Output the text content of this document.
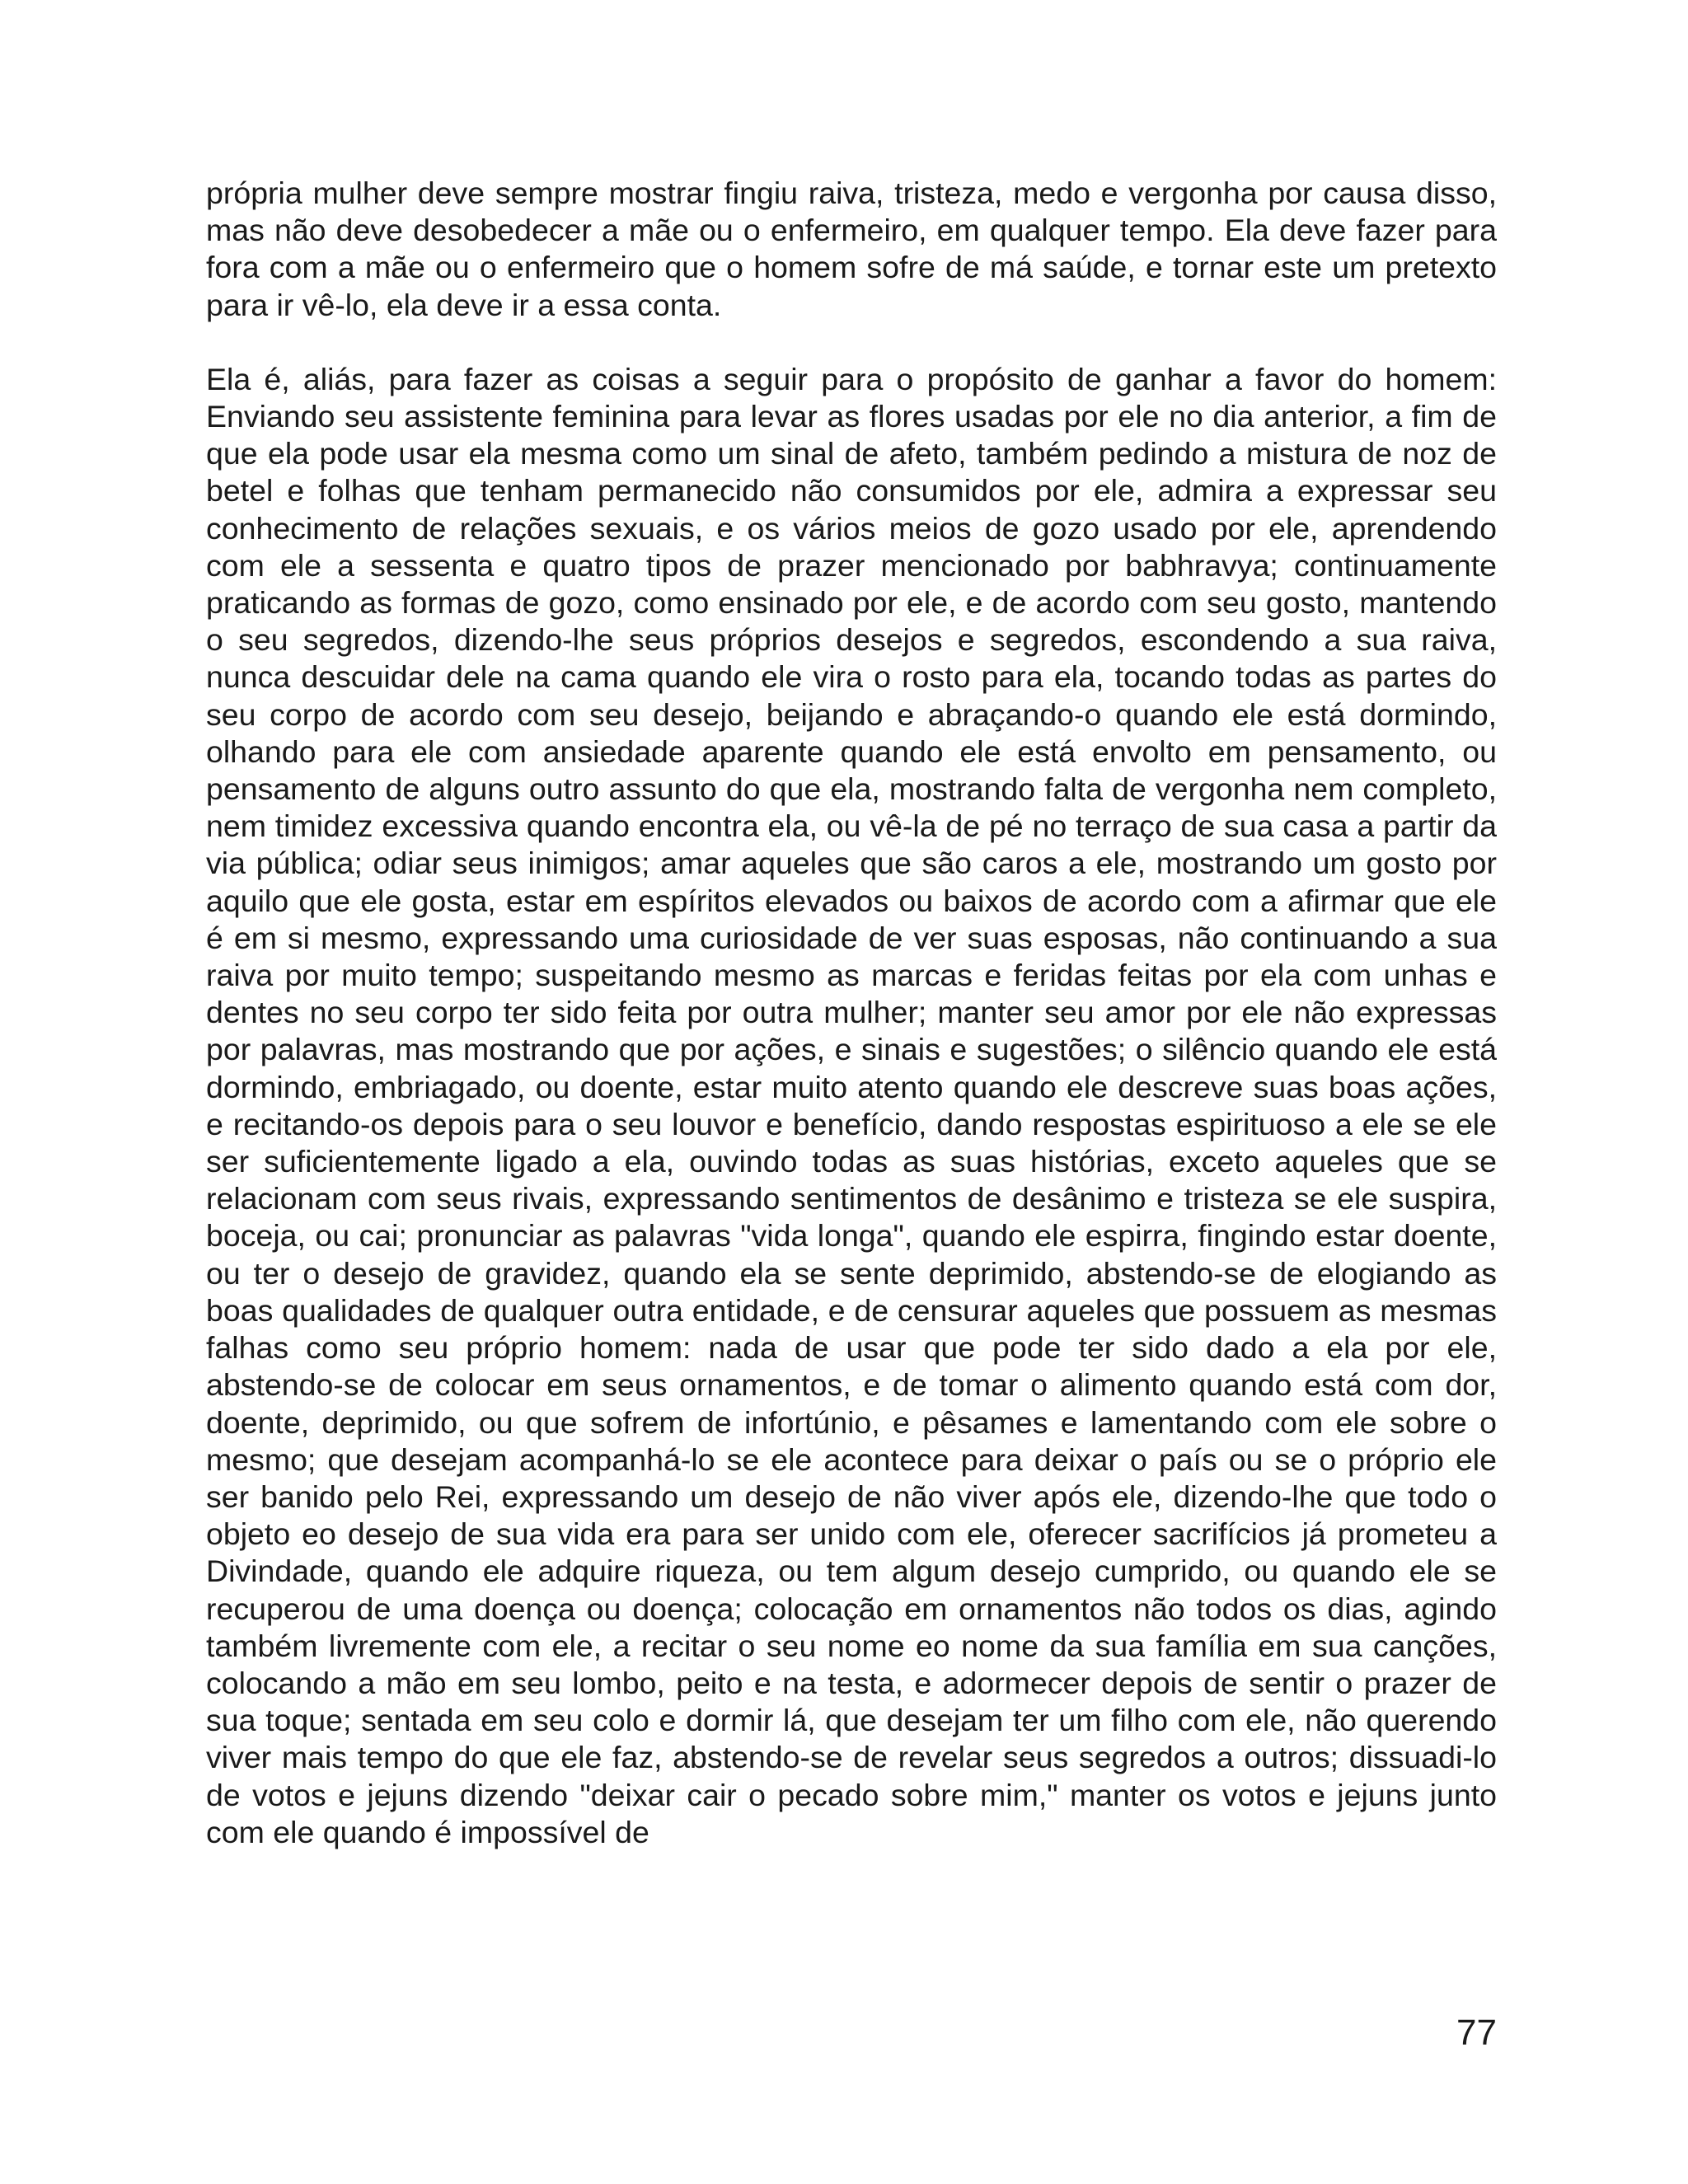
própria mulher deve sempre mostrar fingiu raiva, tristeza, medo e vergonha por causa disso, mas não deve desobedecer a mãe ou o enfermeiro, em qualquer tempo. Ela deve fazer para fora com a mãe ou o enfermeiro que o homem sofre de má saúde, e tornar este um pretexto para ir vê-lo, ela deve ir a essa conta.

Ela é, aliás, para fazer as coisas a seguir para o propósito de ganhar a favor do homem: Enviando seu assistente feminina para levar as flores usadas por ele no dia anterior, a fim de que ela pode usar ela mesma como um sinal de afeto, também pedindo a mistura de noz de betel e folhas que tenham permanecido não consumidos por ele, admira a expressar seu conhecimento de relações sexuais, e os vários meios de gozo usado por ele, aprendendo com ele a sessenta e quatro tipos de prazer mencionado por babhravya; continuamente praticando as formas de gozo, como ensinado por ele, e de acordo com seu gosto, mantendo o seu segredos, dizendo-lhe seus próprios desejos e segredos, escondendo a sua raiva, nunca descuidar dele na cama quando ele vira o rosto para ela, tocando todas as partes do seu corpo de acordo com seu desejo, beijando e abraçando-o quando ele está dormindo, olhando para ele com ansiedade aparente quando ele está envolto em pensamento, ou pensamento de alguns outro assunto do que ela, mostrando falta de vergonha nem completo, nem timidez excessiva quando encontra ela, ou vê-la de pé no terraço de sua casa a partir da via pública; odiar seus inimigos; amar aqueles que são caros a ele, mostrando um gosto por aquilo que ele gosta, estar em espíritos elevados ou baixos de acordo com a afirmar que ele é em si mesmo, expressando uma curiosidade de ver suas esposas, não continuando a sua raiva por muito tempo; suspeitando mesmo as marcas e feridas feitas por ela com unhas e dentes no seu corpo ter sido feita por outra mulher; manter seu amor por ele não expressas por palavras, mas mostrando que por ações, e sinais e sugestões; o silêncio quando ele está dormindo, embriagado, ou doente, estar muito atento quando ele descreve suas boas ações, e recitando-os depois para o seu louvor e benefício, dando respostas espirituoso a ele se ele ser suficientemente ligado a ela, ouvindo todas as suas histórias, exceto aqueles que se relacionam com seus rivais, expressando sentimentos de desânimo e tristeza se ele suspira, boceja, ou cai; pronunciar as palavras "vida longa", quando ele espirra, fingindo estar doente, ou ter o desejo de gravidez, quando ela se sente deprimido, abstendo-se de elogiando as boas qualidades de qualquer outra entidade, e de censurar aqueles que possuem as mesmas falhas como seu próprio homem: nada de usar que pode ter sido dado a ela por ele, abstendo-se de colocar em seus ornamentos, e de tomar o alimento quando está com dor, doente, deprimido, ou que sofrem de infortúnio, e pêsames e lamentando com ele sobre o mesmo; que desejam acompanhá-lo se ele acontece para deixar o país ou se o próprio ele ser banido pelo Rei, expressando um desejo de não viver após ele, dizendo-lhe que todo o objeto eo desejo de sua vida era para ser unido com ele, oferecer sacrifícios já prometeu a Divindade, quando ele adquire riqueza, ou tem algum desejo cumprido, ou quando ele se recuperou de uma doença ou doença; colocação em ornamentos não todos os dias, agindo também livremente com ele, a recitar o seu nome eo nome da sua família em sua canções, colocando a mão em seu lombo, peito e na testa, e adormecer depois de sentir o prazer de sua toque; sentada em seu colo e dormir lá, que desejam ter um filho com ele, não querendo viver mais tempo do que ele faz, abstendo-se de revelar seus segredos a outros; dissuadi-lo de votos e jejuns dizendo "deixar cair o pecado sobre mim," manter os votos e jejuns junto com ele quando é impossível de

77
